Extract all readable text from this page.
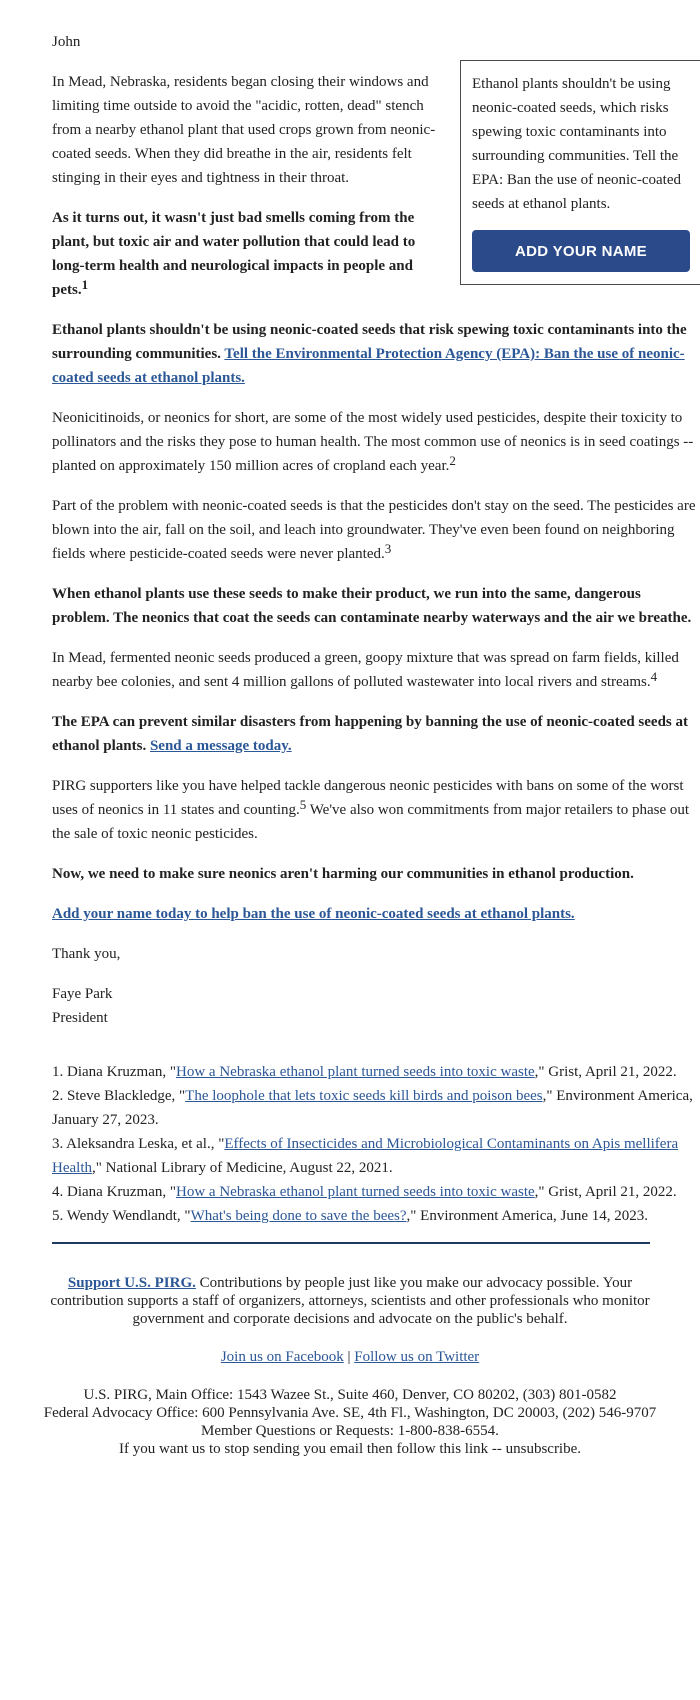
Ethanol plants shouldn't be using neonic-coated seeds, which risks spewing toxic contaminants into surrounding communities. Tell the EPA: Ban the use of neonic-coated seeds at ethanol plants.

ADD YOUR NAME

John

In Mead, Nebraska, residents began closing their windows and limiting time outside to avoid the "acidic, rotten, dead" stench from a nearby ethanol plant that used crops grown from neonic-coated seeds. When they did breathe in the air, residents felt stinging in their eyes and tightness in their throat.

As it turns out, it wasn't just bad smells coming from the plant, but toxic air and water pollution that could lead to long-term health and neurological impacts in people and pets.$^1$

Ethanol plants shouldn't be using neonic-coated seeds that risk spewing toxic contaminants into the surrounding communities. Tell the Environmental Protection Agency (EPA): Ban the use of neonic-coated seeds at ethanol plants.

Neonicitinoids, or neonics for short, are some of the most widely used pesticides, despite their toxicity to pollinators and the risks they pose to human health. The most common use of neonics is in seed coatings -- planted on approximately 150 million acres of cropland each year.$^2$

Part of the problem with neonic-coated seeds is that the pesticides don't stay on the seed. The pesticides are blown into the air, fall on the soil, and leach into groundwater. They've even been found on neighboring fields where pesticide-coated seeds were never planted.$^3$

When ethanol plants use these seeds to make their product, we run into the same, dangerous problem. The neonics that coat the seeds can contaminate nearby waterways and the air we breathe.

In Mead, fermented neonic seeds produced a green, goopy mixture that was spread on farm fields, killed nearby bee colonies, and sent 4 million gallons of polluted wastewater into local rivers and streams.$^4$

The EPA can prevent similar disasters from happening by banning the use of neonic-coated seeds at ethanol plants. Send a message today.

PIRG supporters like you have helped tackle dangerous neonic pesticides with bans on some of the worst uses of neonics in 11 states and counting.$^5$ We've also won commitments from major retailers to phase out the sale of toxic neonic pesticides.

Now, we need to make sure neonics aren't harming our communities in ethanol production.

Add your name today to help ban the use of neonic-coated seeds at ethanol plants.

Thank you,

Faye Park
President

1. Diana Kruzman, "How a Nebraska ethanol plant turned seeds into toxic waste," Grist, April 21, 2022.

2. Steve Blackledge, "The loophole that lets toxic seeds kill birds and poison bees," Environment America, January 27, 2023.

3. Aleksandra Leska, et al., "Effects of Insecticides and Microbiological Contaminants on Apis mellifera Health," National Library of Medicine, August 22, 2021.

4. Diana Kruzman, "How a Nebraska ethanol plant turned seeds into toxic waste," Grist, April 21, 2022.

5. Wendy Wendlandt, "What's being done to save the bees?," Environment America, June 14, 2023.

Support U.S. PIRG. Contributions by people just like you make our advocacy possible. Your contribution supports a staff of organizers, attorneys, scientists and other professionals who monitor government and corporate decisions and advocate on the public's behalf.

Join us on Facebook | Follow us on Twitter

U.S. PIRG, Main Office: 1543 Wazee St., Suite 460, Denver, CO 80202, (303) 801-0582
Federal Advocacy Office: 600 Pennsylvania Ave. SE, 4th Fl., Washington, DC 20003, (202) 546-9707
Member Questions or Requests: 1-800-838-6554.
If you want us to stop sending you email then follow this link -- unsubscribe.
